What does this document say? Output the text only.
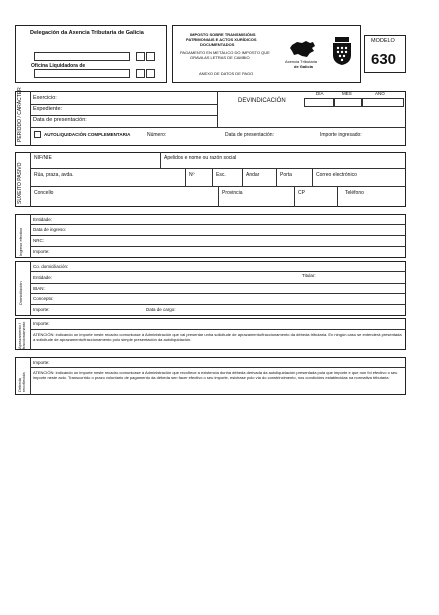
Delegación da Axencia Tributaria de Galicia
Oficina Liquidadora de
IMPOSTO SOBRE TRANSMISIÓNS
PATRIMONIAIS E ACTOS XURÍDICOS
DOCUMENTADOS
PAGAMENTO EN METÁLICO DO IMPOSTO QUE
GRAVA AS LETRAS DE CAMBIO
ANEXO DE DATOS DE PAGO
Axencia Tributaria
de Galicia
MODELO
630
PERÍODO / CARÁCTER Exercicio:
Expediente:
Data de presentación:
DEVINDICACIÓN
DÍA	MES	ANO
AUTOLIQUIDACIÓN COMPLEMENTARIA	Número:	Data de presentación:	Importe ingresado:
SUXEITO PASIVO
NIF/NIE	Apelidos e nome ou razón social
Rúa, praza, avda.	Nº	Esc.	Andar	Porta	Correo electrónico
Concello	Provincia	CP	Teléfono
Ingreso efectivo
Entidade:
Data de ingreso:
NRC:
Importe:
Domiciliación
Co. domiciliación:
Entidade:	Titular:
IBAN:
Concepto:
Importe:	Data de cargo:
Aprazamento / fraccionamento Importe:
ATENCIÓN: indicando un importe neste recadro comunicase á Administración que vai presentar unha solicitude de aprazamento/fraccionamento da débeda tributaria. En ningún caso se entenderá presentada a solicitude de aprazamento/fraccionamento polo simple presentación da autoliquidación.
Débeda recoñecida
Importe:
ATENCIÓN: indicando un importe neste recadro comunicase á Administración que recoñece a existencia dunha débeda derivada da autoliquidación presentada pola que importe e que non foi efectivo o seu importe neste acto. Transcorrido o prazo voluntario de pagamento da débeda sen facer efectivo o seu importe, esixirase polo vía do constrinximento, nos condicións establecidas na normativa tributaria.
